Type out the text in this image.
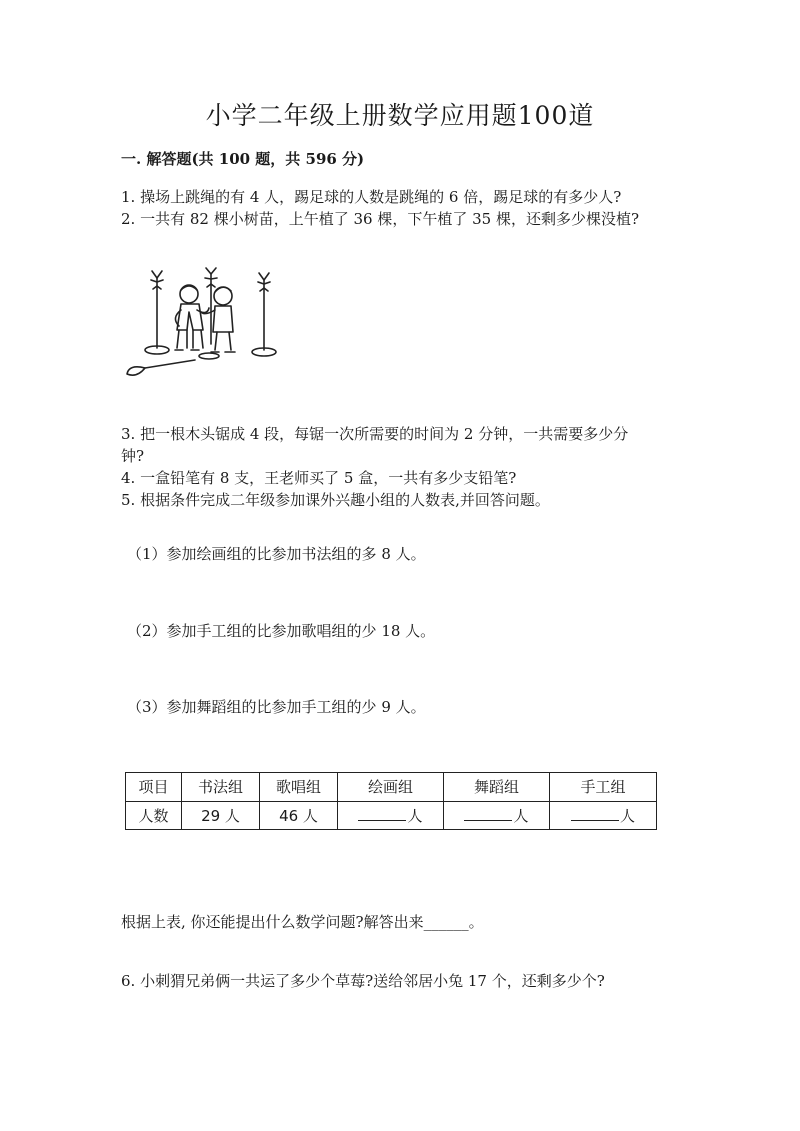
小学二年级上册数学应用题100道
一. 解答题(共 100 题，共 596 分)
1. 操场上跳绳的有 4 人，踢足球的人数是跳绳的 6 倍，踢足球的有多少人?
2. 一共有 82 棵小树苗，上午植了 36 棵，下午植了 35 棵，还剩多少棵没植?
3. 把一根木头锯成 4 段，每锯一次所需要的时间为 2 分钟，一共需要多少分
钟?
4. 一盒铅笔有 8 支，王老师买了 5 盒，一共有多少支铅笔?
5. 根据条件完成二年级参加课外兴趣小组的人数表,并回答问题。
（1）参加绘画组的比参加书法组的多 8 人。
（2）参加手工组的比参加歌唱组的少 18 人。
（3）参加舞蹈组的比参加手工组的少 9 人。
项目	书法组	歌唱组	绘画组	舞蹈组	手工组
人数	29 人	46 人	人	人	人
根据上表, 你还能提出什么数学问题?解答出来______。
6. 小刺猬兄弟俩一共运了多少个草莓?送给邻居小兔 17 个，还剩多少个?
